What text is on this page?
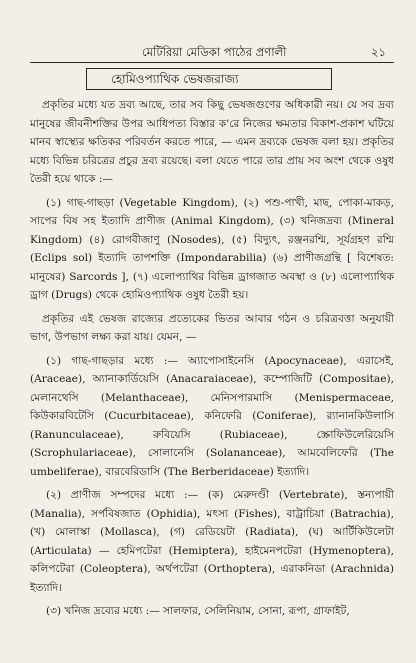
মেটিরিয়া মেডিকা পাঠের প্রণালী	২১
হোমিওপ্যাথিক ভেষজরাজ্য

প্রকৃতির মধ্যে যত দ্রব্য আছে, তার সব কিছু ভেষজগুণের অধিকারী নয়। যে সব দ্রব্য মানুষের জীবনীশক্তির উপর আধিপত্য বিস্তার ক'রে নিজের ক্ষমতার বিকাশ-প্রকাশ ঘটিয়ে মানব স্বাস্থ্যের ক্ষতিকর পরিবর্তন করতে পারে, — এমন দ্রব্যকে ভেষজ বলা হয়। প্রকৃতির মধ্যে বিভিন্ন চরিত্রের প্রচুর দ্রব্য রয়েছে। বলা যেতে পারে তার প্রায় সব অংশ থেকে ওষুধ তৈরী হয়ে থাকে :—

(১) গাছ-গাছড়া (Vegetable Kingdom), (২) পশু-পাখী, মাছ, পোকা-মাকড়, সাপের বিষ সহ ইত্যাদি প্রাণীজ (Animal Kingdom), (৩) খনিজদ্রব্য (Mineral Kingdom) (৪) রোগবীজাণু (Nosodes), (৫) বিদ্যুৎ, রঞ্জনরশ্মি, সূর্যগ্রহণ রশ্মি (Eclips sol) ইত্যাদি তাপশক্তি (Impondarabilia) (৬) প্রাণীজগ্রন্থি [ বিশেষত: মানুষের) Sarcords ], (৭) এলোপ্যাথির বিভিন্ন ড্রাগজাত অবস্থা ও (৮) এলোপ্যাথিক ড্রাগ (Drugs) থেকে হোমিওপ্যাথিক ওষুধ তৈরী হয়।

প্রকৃতির এই ভেষজ রাজ্যের প্রত্যেকের ভিতর আবার গঠন ও চরিত্রবত্তা অনুযায়ী ভাগ, উপভাগ লক্ষ্য করা যায়। যেমন, —

(১) গাছ-গাছড়ার মধ্যে :— অ্যাপোসাইনেসি (Apocynaceae), এরাসেই, (Araceae), অ্যানাকার্ডিয়েসি (Anacaraiaceae), কম্পোজিটি (Compositae), মেলানথেসি (Melanthaceae), মেনিসপারমাসি (Menispermaceae, কিউকারবিটেসি (Cucurbitaceae), কনিফেরি (Coniferae), র‍্যানানকিউলাসি (Ranunculaceae), রুবিয়েসি (Rubiaceae), স্ক্রোফিউলেরিয়েসি (Scrophulariaceae), সোলানেসি (Solananceae), আমবেলিফেরি (The umbeliferae), বারবেরিডাসি (The Berberidaceae) ইত্যাদি।

(২) প্রাণীজ সম্পদের মধ্যে :— (ক) মেরুদণ্ডী (Vertebrate), স্তন্যপায়ী (Manalia), সর্পবিষজাত (Ophidia), মৎস্য (Fishes), বাট্রাচিয়া (Batrachia), (খ) মোলাস্কা (Mollasca), (গ) রেডিয়েটা (Radiata), (ঘ) আর্টিকিউলেটা (Articulata) — হেমিপটেরা (Hemiptera), হাইমেনপটেরা (Hymenoptera), কলিপটেরা (Coleoptera), অর্থপটেরা (Orthoptera), এরাকনিডা (Arachnida) ইত্যাদি।

(৩) খনিজ দ্রব্যের মধ্যে :— সালফার, সেলিনিয়াম, সোনা, রূপা, গ্রাফাইট,
